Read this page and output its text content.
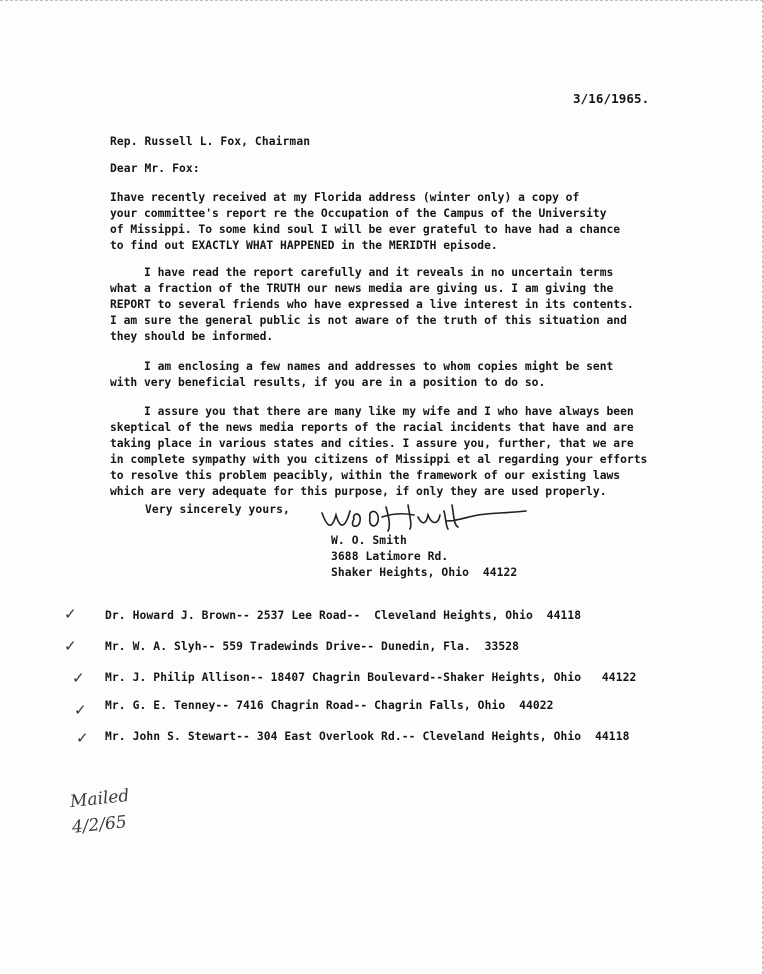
3/16/1965.
Rep. Russell L. Fox, Chairman
Dear Mr. Fox:
Ihave recently received at my Florida address (winter only) a copy of
your committee's report re the Occupation of the Campus of the University
of Missippi. To some kind soul I will be ever grateful to have had a chance
to find out EXACTLY WHAT HAPPENED in the MERIDTH episode.
I have read the report carefully and it reveals in no uncertain terms
what a fraction of the TRUTH our news media are giving us. I am giving the
REPORT to several friends who have expressed a live interest in its contents.
I am sure the general public is not aware of the truth of this situation and
they should be informed.
I am enclosing a few names and addresses to whom copies might be sent
with very beneficial results, if you are in a position to do so.
I assure you that there are many like my wife and I who have always been
skeptical of the news media reports of the racial incidents that have and are
taking place in various states and cities. I assure you, further, that we are
in complete sympathy with you citizens of Missippi et al regarding your efforts
to resolve this problem peacibly, within the framework of our existing laws
which are very adequate for this purpose, if only they are used properly.
Very sincerely yours,
W. O. Smith
3688 Latimore Rd.
Shaker Heights, Ohio  44122
✓	Dr. Howard J. Brown-- 2537 Lee Road--  Cleveland Heights, Ohio  44118
✓	Mr. W. A. Slyh-- 559 Tradewinds Drive-- Dunedin, Fla.  33528
✓ Mr. J. Philip Allison-- 18407 Chagrin Boulevard--Shaker Heights, Ohio   44122
✓ Mr. G. E. Tenney-- 7416 Chagrin Road-- Chagrin Falls, Ohio  44022
✓ Mr. John S. Stewart-- 304 East Overlook Rd.-- Cleveland Heights, Ohio  44118
Mailed
4/2/65
